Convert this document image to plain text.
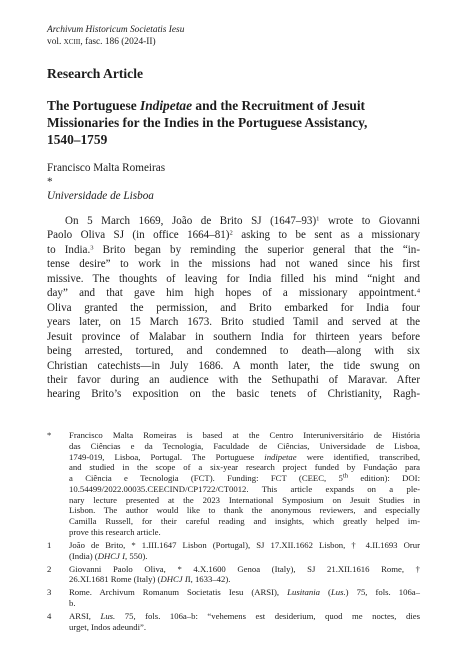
Archivum Historicum Societatis Iesu
vol. xciii, fasc. 186 (2024-II)
Research Article
The Portuguese Indipetae and the Recruitment of Jesuit
Missionaries for the Indies in the Portuguese Assistancy,
1540–1759
Francisco Malta Romeiras
*
Universidade de Lisboa
On 5 March 1669, João de Brito SJ (1647–93)$^1$ wrote to Giovanni
Paolo Oliva SJ (in office 1664–81)$^2$ asking to be sent as a missionary
to India.$^3$ Brito began by reminding the superior general that the “in-
tense desire” to work in the missions had not waned since his first
missive. The thoughts of leaving for India filled his mind “night and
day” and that gave him high hopes of a missionary appointment.$^4$
Oliva granted the permission, and Brito embarked for India four
years later, on 15 March 1673. Brito studied Tamil and served at the
Jesuit province of Malabar in southern India for thirteen years before
being arrested, tortured, and condemned to death—along with six
Christian catechists—in July 1686. A month later, the tide swung on
their favor during an audience with the Sethupathi of Maravar. After
hearing Brito’s exposition on the basic tenets of Christianity, Ragh-
*	Francisco Malta Romeiras is based at the Centro Interuniversitário de História
das Ciências e da Tecnologia, Faculdade de Ciências, Universidade de Lisboa,
1749-019, Lisboa, Portugal. The Portuguese indipetae were identified, transcribed,
and studied in the scope of a six-year research project funded by Fundação para
a Ciência e Tecnologia (FCT). Funding: FCT (CEEC, 5th edition): DOI:
10.54499/2022.00035.CEECIND/CP1722/CT0012. This article expands on a ple-
nary lecture presented at the 2023 International Symposium on Jesuit Studies in
Lisbon. The author would like to thank the anonymous reviewers, and especially
Camilla Russell, for their careful reading and insights, which greatly helped im-
prove this research article.
1	João de Brito, * 1.III.1647 Lisbon (Portugal), SJ 17.XII.1662 Lisbon, † 4.II.1693 Orur
(India) (DHCJ I, 550).
2	Giovanni Paolo Oliva, * 4.X.1600 Genoa (Italy), SJ 21.XII.1616 Rome, †
26.XI.1681 Rome (Italy) (DHCJ II, 1633–42).
3	Rome. Archivum Romanum Societatis Iesu (ARSI), Lusitania (Lus.) 75, fols. 106a–
b.
4	ARSI, Lus. 75, fols. 106a–b: “vehemens est desiderium, quod me noctes, dies
urget, Indos adeundi”.
